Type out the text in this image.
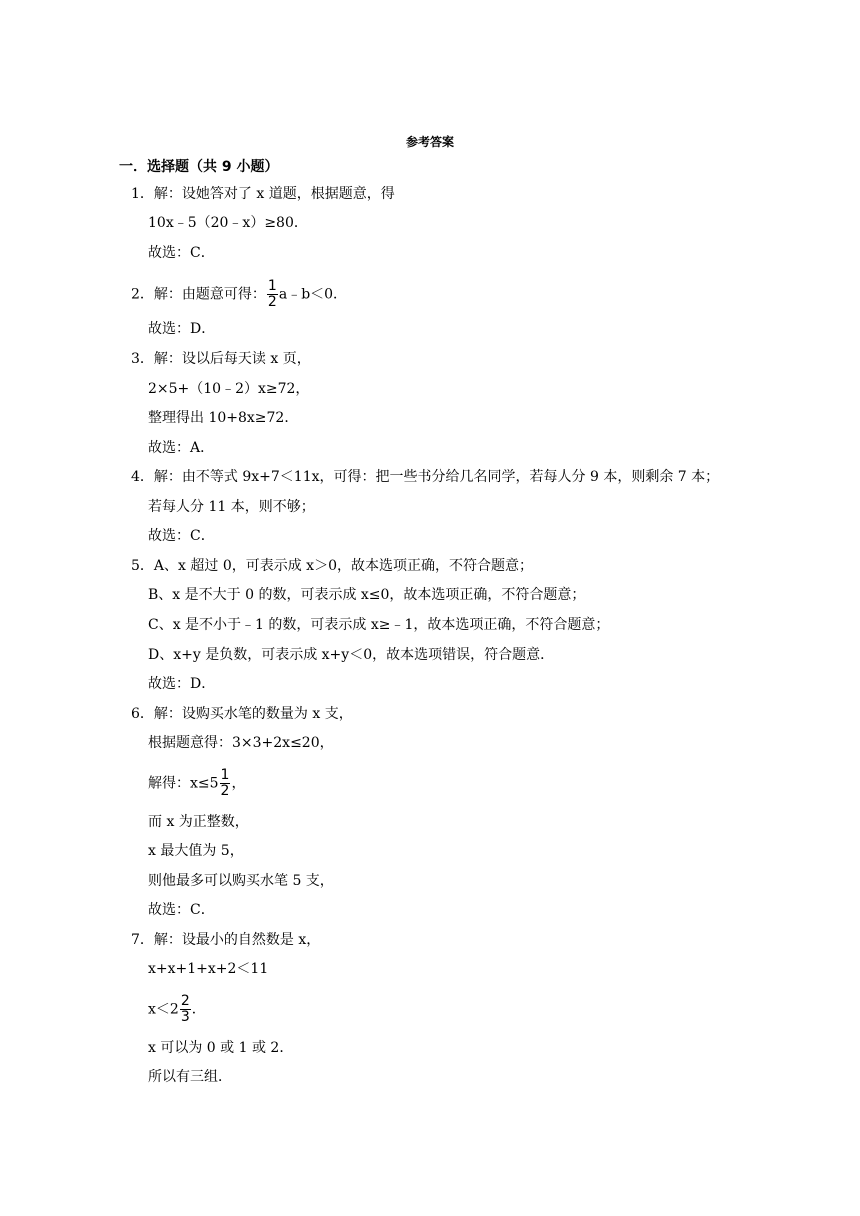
参考答案
一．选择题（共 9 小题）
1．解：设她答对了 x 道题，根据题意，得
10x﹣5（20﹣x）≥80．
故选：C．
2．解：由题意可得： $\frac{1}{2}$ a﹣b＜0．
故选：D．
3．解：设以后每天读 x 页，
2×5+（10﹣2）x≥72，
整理得出 10+8x≥72．
故选：A．
4．解：由不等式 9x+7＜11x，可得：把一些书分给几名同学，若每人分 9 本，则剩余 7 本；
若每人分 11 本，则不够；
故选：C．
5．A、x 超过 0，可表示成 x＞0，故本选项正确，不符合题意；
B、x 是不大于 0 的数，可表示成 x≤0，故本选项正确，不符合题意；
C、x 是不小于﹣1 的数，可表示成 x≥﹣1，故本选项正确，不符合题意；
D、x+y 是负数，可表示成 x+y＜0，故本选项错误，符合题意．
故选：D．
6．解：设购买水笔的数量为 x 支，
根据题意得：3×3+2x≤20，
解得：$x\le 5 \frac{1}{2}$ ，
而 x 为正整数，
x 最大值为 5，
则他最多可以购买水笔 5 支，
故选：C．
7．解：设最小的自然数是 x，
x+x+1+x+2＜11
$x<2 \frac{2}{3}$ ．
x 可以为 0 或 1 或 2．
所以有三组．
